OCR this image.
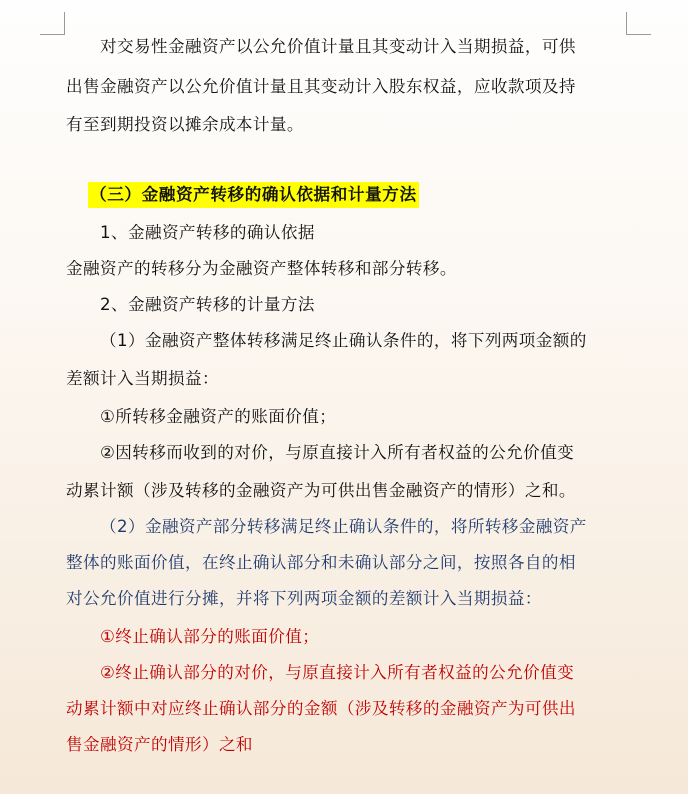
对交易性金融资产以公允价值计量且其变动计入当期损益，可供
出售金融资产以公允价值计量且其变动计入股东权益，应收款项及持
有至到期投资以摊余成本计量。
（三）金融资产转移的确认依据和计量方法
1、金融资产转移的确认依据
金融资产的转移分为金融资产整体转移和部分转移。
2、金融资产转移的计量方法
（1）金融资产整体转移满足终止确认条件的，将下列两项金额的
差额计入当期损益：
①所转移金融资产的账面价值；
②因转移而收到的对价，与原直接计入所有者权益的公允价值变
动累计额（涉及转移的金融资产为可供出售金融资产的情形）之和。
（2）金融资产部分转移满足终止确认条件的，将所转移金融资产
整体的账面价值，在终止确认部分和未确认部分之间，按照各自的相
对公允价值进行分摊，并将下列两项金额的差额计入当期损益：
①终止确认部分的账面价值；
②终止确认部分的对价，与原直接计入所有者权益的公允价值变
动累计额中对应终止确认部分的金额（涉及转移的金融资产为可供出
售金融资产的情形）之和
